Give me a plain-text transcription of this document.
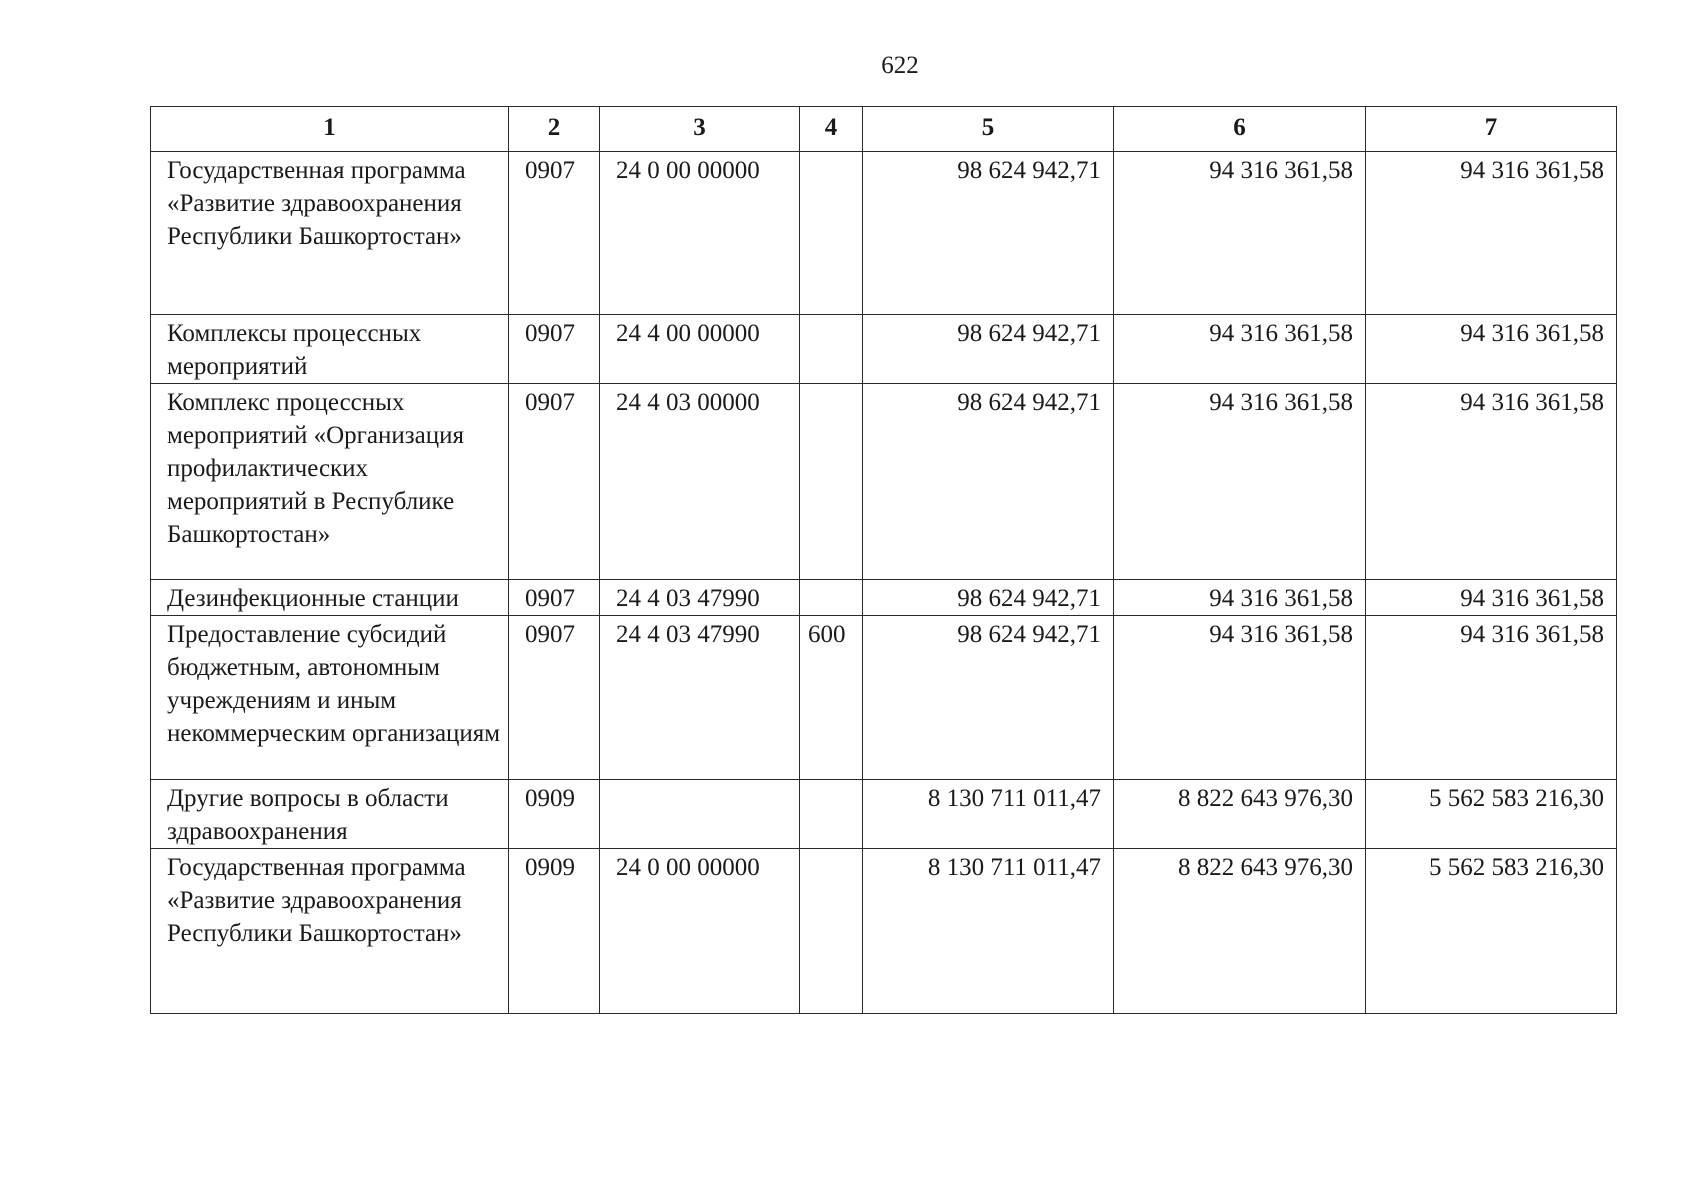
622
1	2	3	4	5	6	7
Государственная программа «Развитие здравоохранения Республики Башкортостан»	0907	24 0 00 00000		98 624 942,71	94 316 361,58	94 316 361,58
Комплексы процессных мероприятий	0907	24 4 00 00000		98 624 942,71	94 316 361,58	94 316 361,58
Комплекс процессных мероприятий «Организация профилактических мероприятий в Республике Башкортостан»	0907	24 4 03 00000		98 624 942,71	94 316 361,58	94 316 361,58
Дезинфекционные станции	0907	24 4 03 47990		98 624 942,71	94 316 361,58	94 316 361,58
Предоставление субсидий бюджетным, автономным учреждениям и иным некоммерческим организациям	0907	24 4 03 47990	600	98 624 942,71	94 316 361,58	94 316 361,58
Другие вопросы в области здравоохранения	0909			8 130 711 011,47	8 822 643 976,30	5 562 583 216,30
Государственная программа «Развитие здравоохранения Республики Башкортостан»	0909	24 0 00 00000		8 130 711 011,47	8 822 643 976,30	5 562 583 216,30
